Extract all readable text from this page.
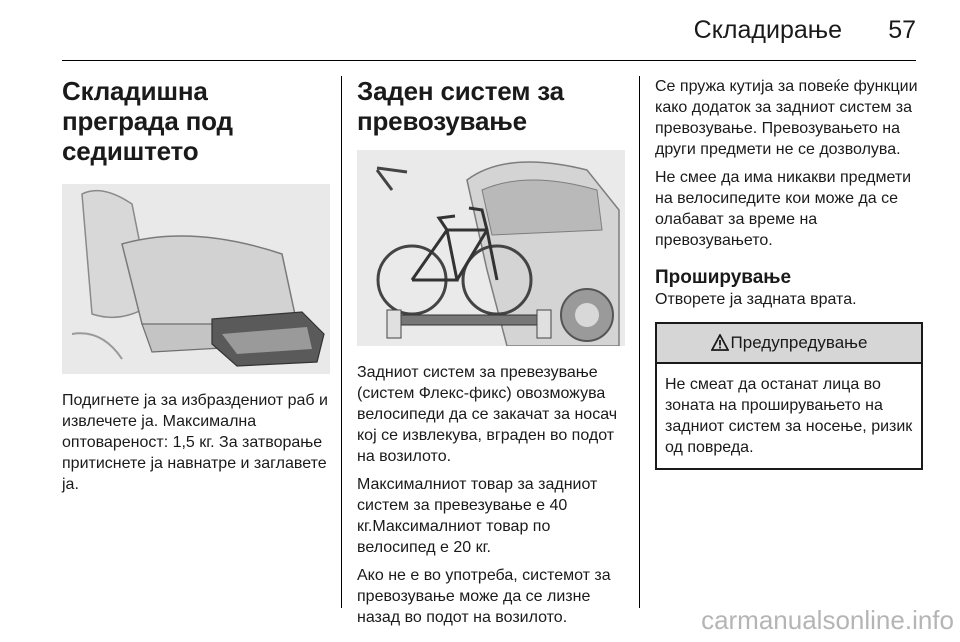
Складирање 57
Складишна преграда под седиштето

Подигнете ја за избраздениот раб и извлечете ја. Максимална оптовареност: 1,5 кг. За затворање притиснете ја навнатре и заглавете ја.

Заден систем за превозување

Задниот систем за превезување (систем Флекс-фикс) овозможува велосипеди да се закачат за носач кој се извлекува, вграден во подот на возилото.

Максималниот товар за задниот систем за превезување е 40 кг.Максималниот товар по велосипед е 20 кг.

Ако не е во употреба, системот за превозување може да се лизне назад во подот на возилото.

Се пружа кутија за повеќе функции како додаток за задниот систем за превозување. Превозувањето на други предмети не се дозволува.

Не смее да има никакви предмети на велосипедите кои може да се олабават за време на превозувањето.

Проширување

Отворете ја задната врата.

Предупредување

Не смеат да останат лица во зоната на проширувањето на задниот систем за носење, ризик од повреда.

carmanualsonline.info
